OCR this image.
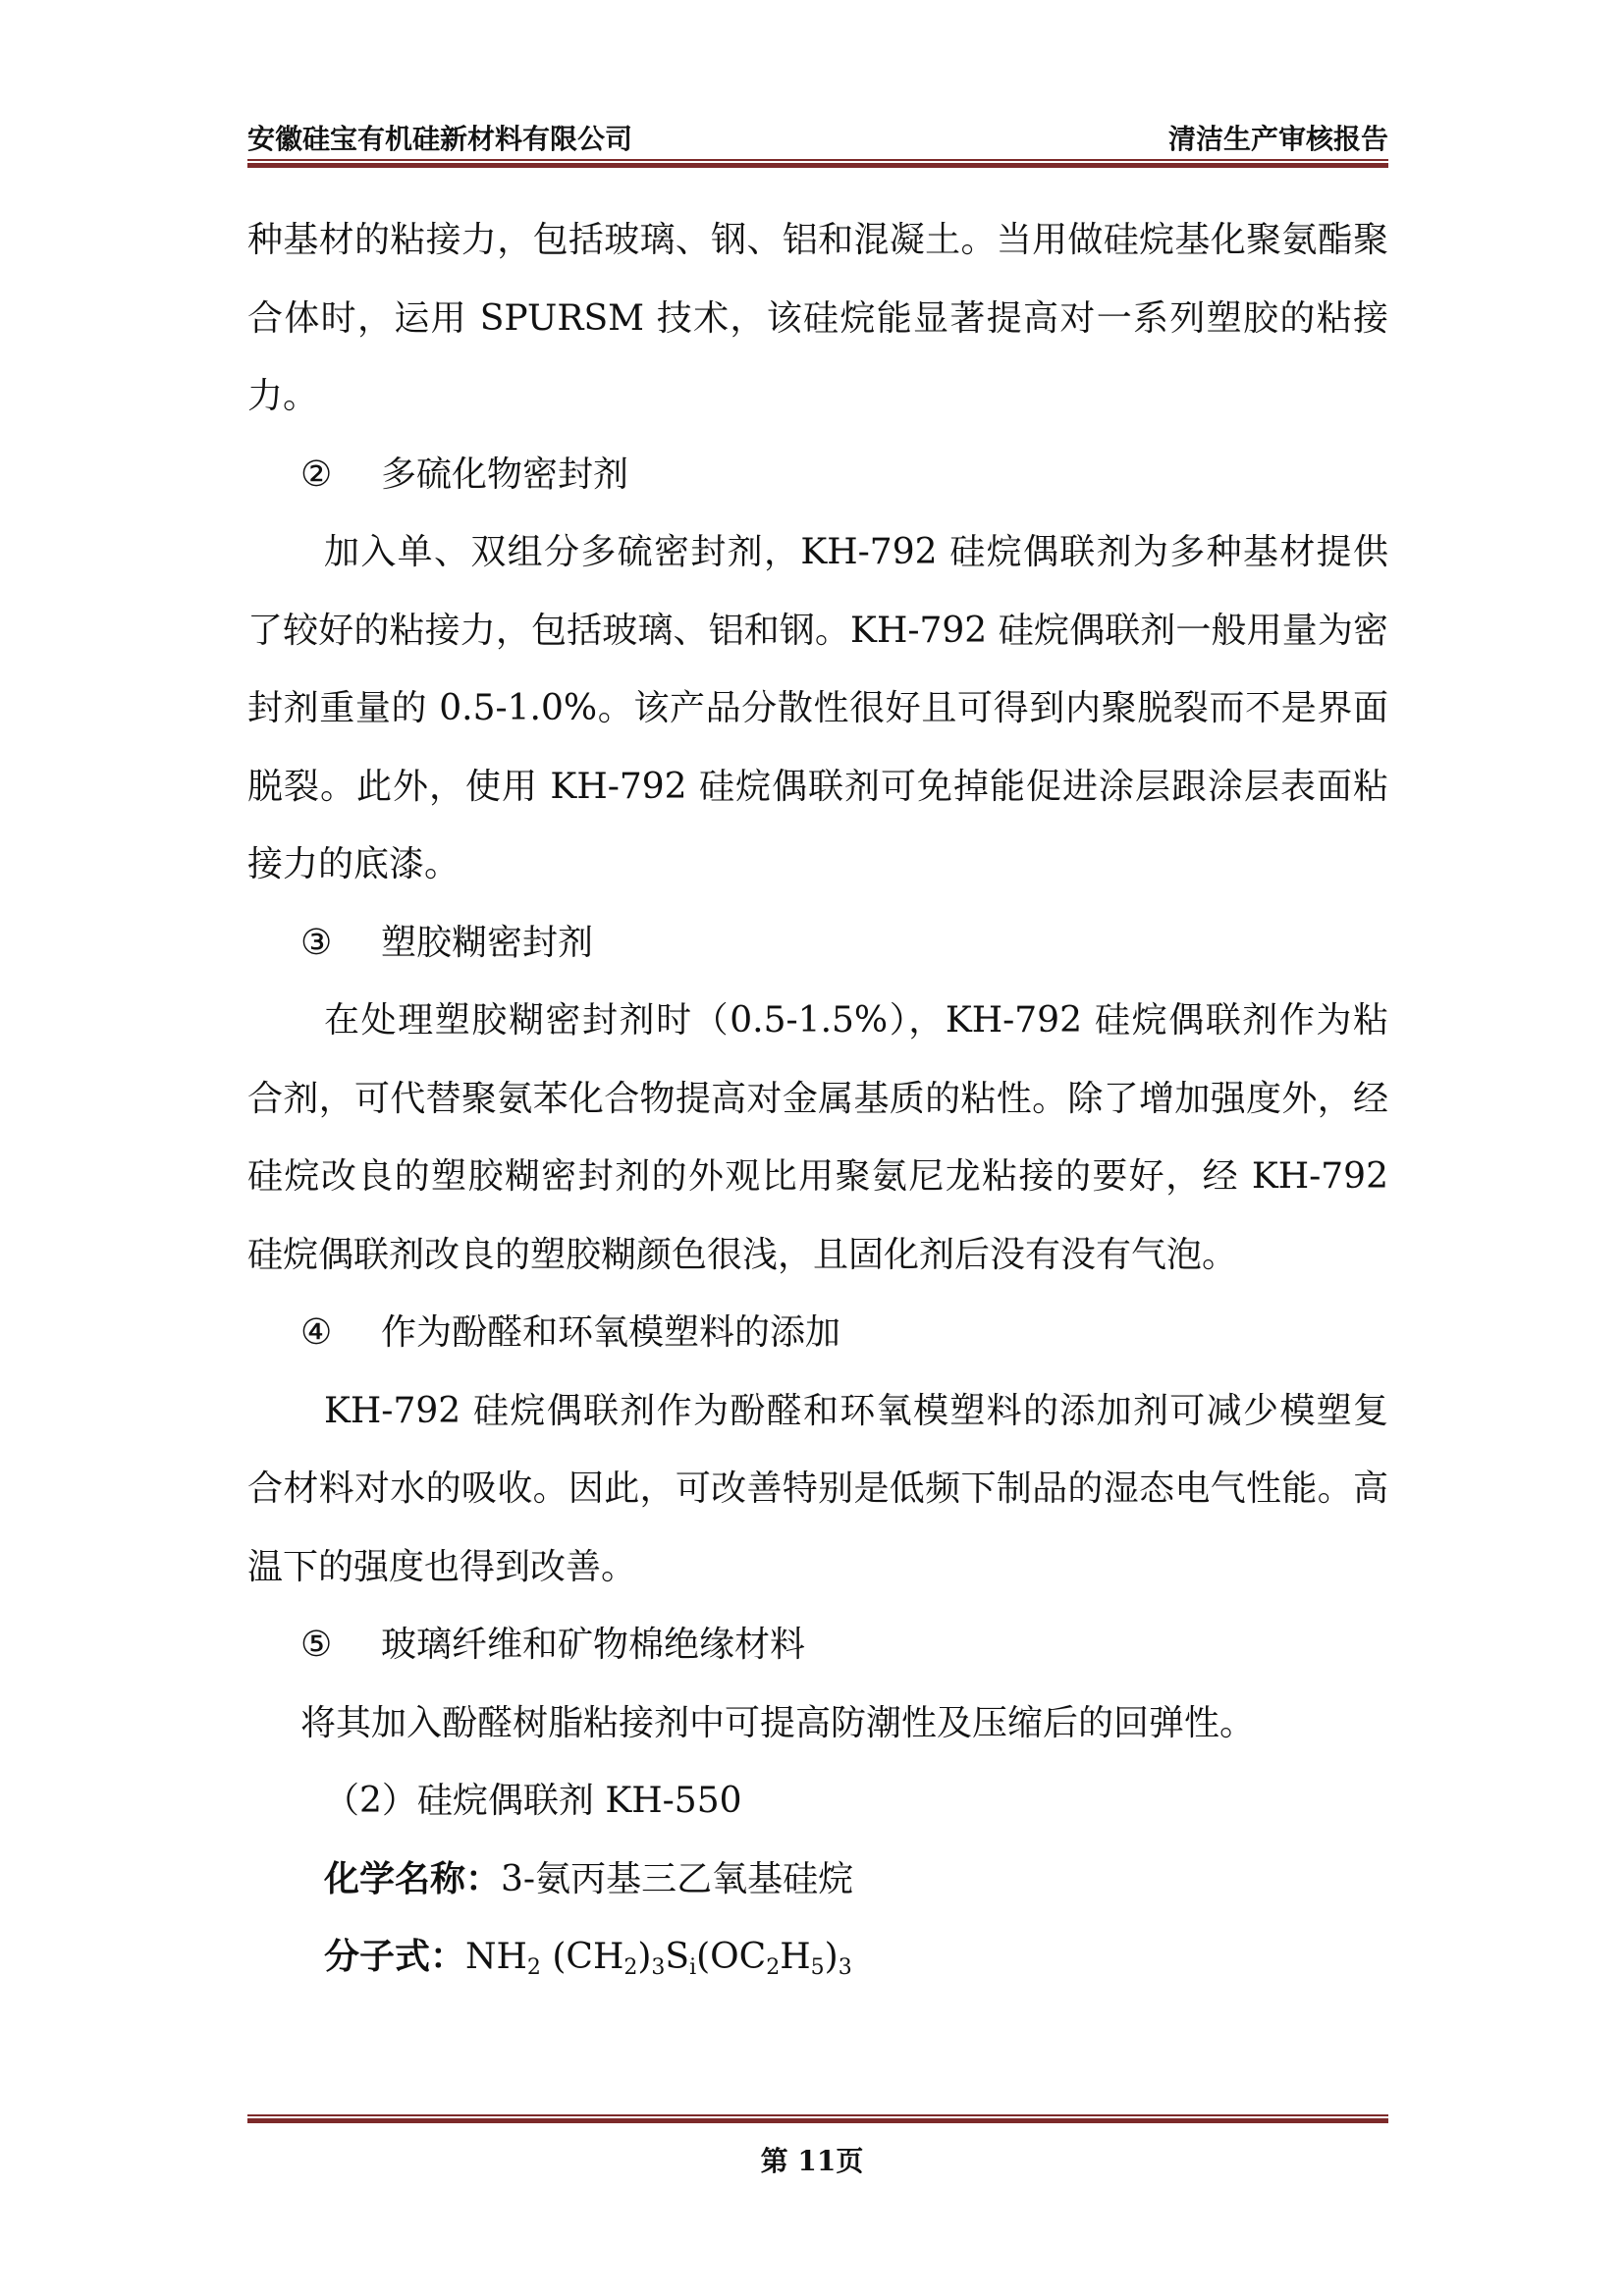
安徽硅宝有机硅新材料有限公司	清洁生产审核报告

种基材的粘接力，包括玻璃、钢、铝和混凝土。当用做硅烷基化聚氨酯聚合体时，运用 SPURSM 技术，该硅烷能显著提高对一系列塑胶的粘接力。

② 多硫化物密封剂

加入单、双组分多硫密封剂，KH-792 硅烷偶联剂为多种基材提供了较好的粘接力，包括玻璃、铝和钢。KH-792 硅烷偶联剂一般用量为密封剂重量的 0.5-1.0%。该产品分散性很好且可得到内聚脱裂而不是界面脱裂。此外，使用 KH-792 硅烷偶联剂可免掉能促进涂层跟涂层表面粘接力的底漆。

③ 塑胶糊密封剂

在处理塑胶糊密封剂时（0.5-1.5%），KH-792 硅烷偶联剂作为粘合剂，可代替聚氨苯化合物提高对金属基质的粘性。除了增加强度外，经硅烷改良的塑胶糊密封剂的外观比用聚氨尼龙粘接的要好，经 KH-792 硅烷偶联剂改良的塑胶糊颜色很浅，且固化剂后没有没有气泡。

④ 作为酚醛和环氧模塑料的添加

KH-792 硅烷偶联剂作为酚醛和环氧模塑料的添加剂可减少模塑复合材料对水的吸收。因此，可改善特别是低频下制品的湿态电气性能。高温下的强度也得到改善。

⑤ 玻璃纤维和矿物棉绝缘材料

将其加入酚醛树脂粘接剂中可提高防潮性及压缩后的回弹性。

（2）硅烷偶联剂 KH-550

化学名称：3-氨丙基三乙氧基硅烷

分子式：$NH_2$ $(CH_2)_3S_i(OC_2H_5)_3$

第 11页
